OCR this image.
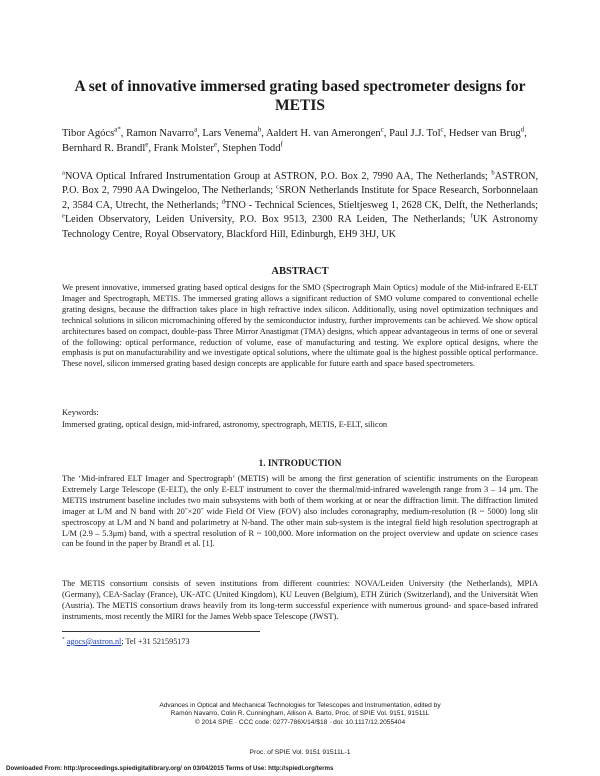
A set of innovative immersed grating based spectrometer designs for METIS
Tibor Agócs$^{a*}$, Ramon Navarro$^a$, Lars Venema$^b$, Aaldert H. van Amerongen$^c$, Paul J.J. Tol$^c$, Hedser van Brug$^d$, Bernhard R. Brandl$^e$, Frank Molster$^e$, Stephen Todd$^f$
$^a$NOVA Optical Infrared Instrumentation Group at ASTRON, P.O. Box 2, 7990 AA, The Netherlands; $^b$ASTRON, P.O. Box 2, 7990 AA Dwingeloo, The Netherlands; $^c$SRON Netherlands Institute for Space Research, Sorbonnelaan 2, 3584 CA, Utrecht, the Netherlands; $^d$TNO - Technical Sciences, Stieltjesweg 1, 2628 CK, Delft, the Netherlands; $^e$Leiden Observatory, Leiden University, P.O. Box 9513, 2300 RA Leiden, The Netherlands; $^f$UK Astronomy Technology Centre, Royal Observatory, Blackford Hill, Edinburgh, EH9 3HJ, UK
ABSTRACT
We present innovative, immersed grating based optical designs for the SMO (Spectrograph Main Optics) module of the Mid-infrared E-ELT Imager and Spectrograph, METIS. The immersed grating allows a significant reduction of SMO volume compared to conventional echelle grating designs, because the diffraction takes place in high refractive index silicon. Additionally, using novel optimization techniques and technical solutions in silicon micromachining offered by the semiconductor industry, further improvements can be achieved. We show optical architectures based on compact, double-pass Three Mirror Anastigmat (TMA) designs, which appear advantageous in terms of one or several of the following: optical performance, reduction of volume, ease of manufacturing and testing. We explore optical designs, where the emphasis is put on manufacturability and we investigate optical solutions, where the ultimate goal is the highest possible optical performance. These novel, silicon immersed grating based design concepts are applicable for future earth and space based spectrometers.
Keywords:
Immersed grating, optical design, mid-infrared, astronomy, spectrograph, METIS, E-ELT, silicon
1. INTRODUCTION
The ‘Mid-infrared ELT Imager and Spectrograph’ (METIS) will be among the first generation of scientific instruments on the European Extremely Large Telescope (E-ELT), the only E-ELT instrument to cover the thermal/mid-infrared wavelength range from 3 – 14 μm. The METIS instrument baseline includes two main subsystems with both of them working at or near the diffraction limit. The diffraction limited imager at L/M and N band with 20˝×20˝ wide Field Of View (FOV) also includes coronagraphy, medium-resolution (R ~ 5000) long slit spectroscopy at L/M and N band and polarimetry at N-band. The other main sub-system is the integral field high resolution spectrograph at L/M (2.9 – 5.3μm) band, with a spectral resolution of R ~ 100,000. More information on the project overview and update on science cases can be found in the paper by Brandl et al. [1].
The METIS consortium consists of seven institutions from different countries: NOVA/Leiden University (the Netherlands), MPIA (Germany), CEA-Saclay (France), UK-ATC (United Kingdom), KU Leuven (Belgium), ETH Zürich (Switzerland), and the Universität Wien (Austria). The METIS consortium draws heavily from its long-term successful experience with numerous ground- and space-based infrared instruments, most recently the MIRI for the James Webb space Telescope (JWST).
* agocs@astron.nl; Tel +31 521595173
Advances in Optical and Mechanical Technologies for Telescopes and Instrumentation, edited by
Ramón Navarro, Colin R. Cunningham, Allison A. Barto, Proc. of SPIE Vol. 9151, 91511L
© 2014 SPIE · CCC code: 0277-786X/14/$18 · doi: 10.1117/12.2055404
Proc. of SPIE Vol. 9151 91511L-1
Downloaded From: http://proceedings.spiedigitallibrary.org/ on 03/04/2015 Terms of Use: http://spiedl.org/terms
